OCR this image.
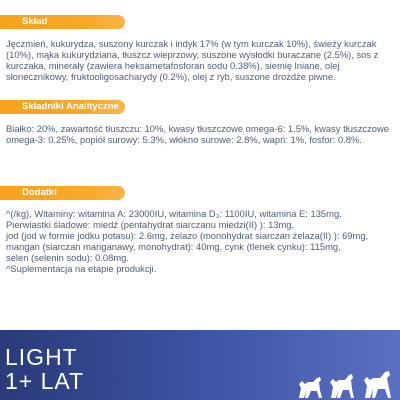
Skład

Jęczmień, kukurydza, suszony kurczak i indyk 17% (w tym kurczak 10%), świeży kurczak (10%), mąka kukurydziana, tłuszcz wieprzowy, suszone wysłodki buraczane (2.5%), sos z kurczaka, minerały (zawiera heksametafosforan sodu 0.38%), siemię lniane, olej słonecznikowy, fruktooligosacharydy (0.2%), olej z ryb, suszone drożdże piwne.

Składniki Analityczne

Białko: 20%, zawartość tłuszczu: 10%, kwasy tłuszczowe omega-6: 1.5%, kwasy tłuszczowe omega-3: 0.25%, popiół surowy: 5.3%, włókno surowe: 2.8%, wapń: 1%, fosfor: 0.8%.

Dodatki
^(/kg), Witaminy: witamina A: 23000IU, witamina D₃: 1100IU, witamina E: 135mg.
Pierwiastki śladowe: miedź (pentahydrat siarczanu miedzi(II) ): 13mg,
jod (jod w formie jodku potasu): 2.6mg, żelazo (monohydrat siarczan żelaza(II) ): 69mg,
mangan (siarczan manganawy, monohydrat): 40mg, cynk (tlenek cynku): 115mg,
selen (selenin sodu): 0.08mg.
^Suplementacja na etapie produkcji.
LIGHT
1+ LAT
